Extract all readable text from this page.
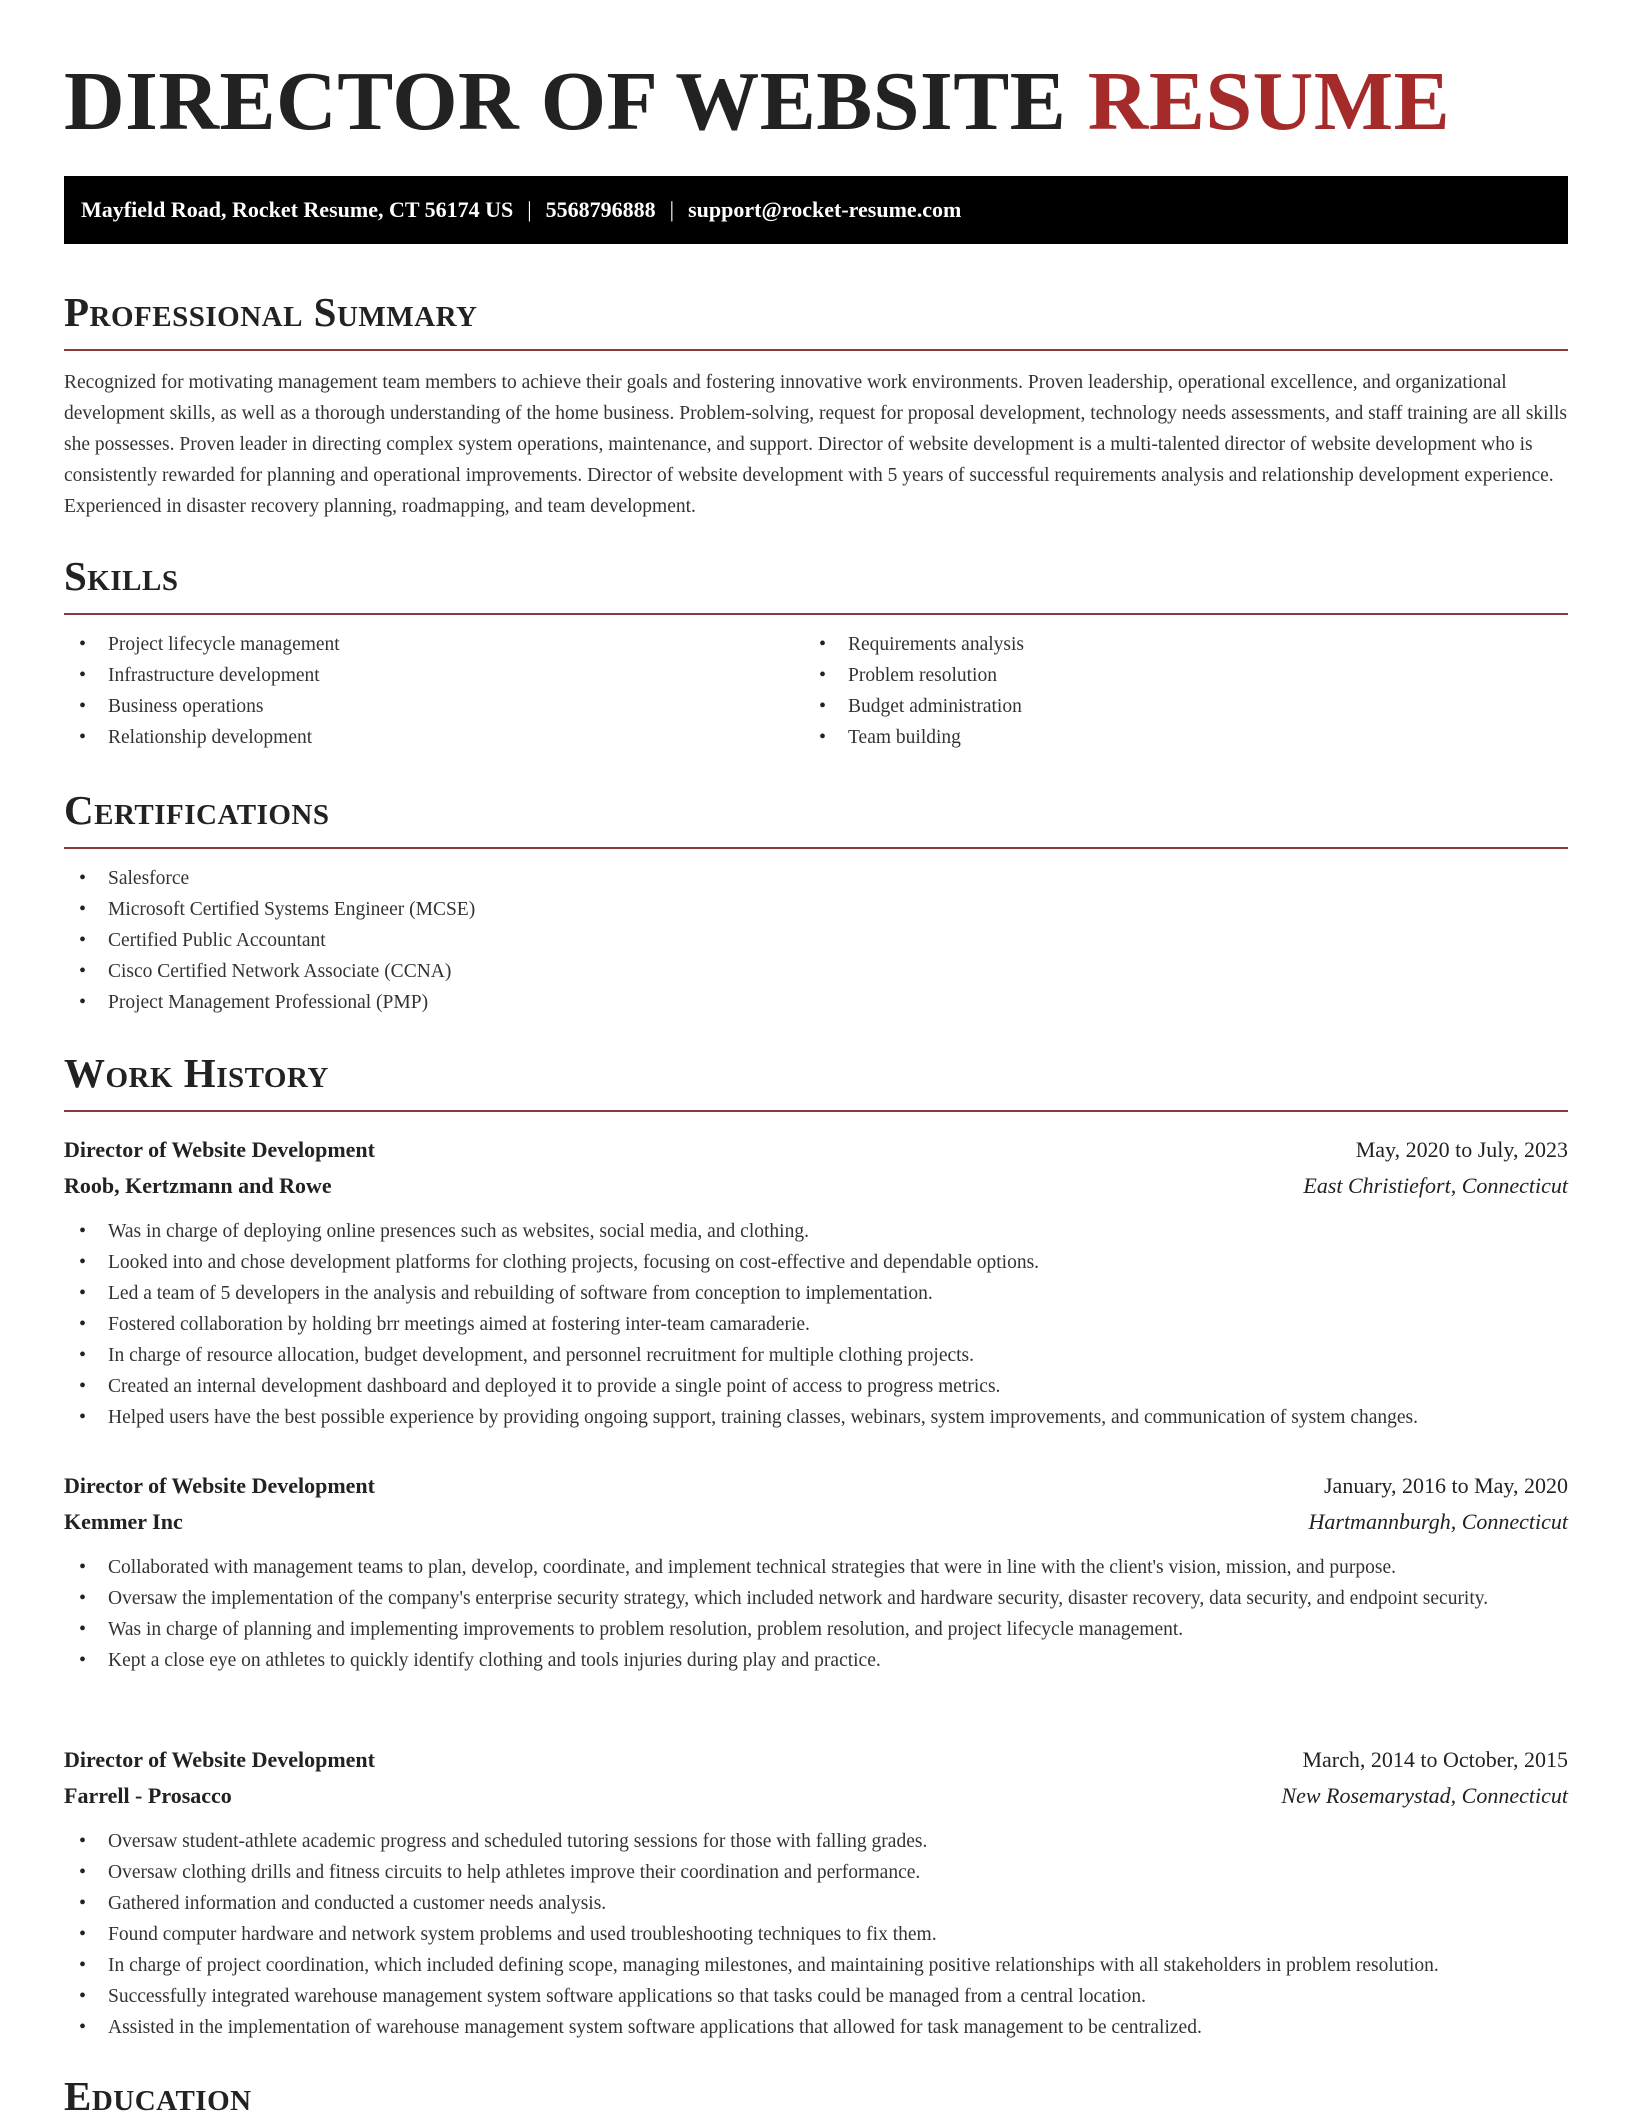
DIRECTOR OF WEBSITE RESUME
Mayfield Road, Rocket Resume, CT 56174 US | 5568796888 | support@rocket-resume.com
Professional Summary

Recognized for motivating management team members to achieve their goals and fostering innovative work environments. Proven leadership, operational excellence, and organizational development skills, as well as a thorough understanding of the home business. Problem-solving, request for proposal development, technology needs assessments, and staff training are all skills she possesses. Proven leader in directing complex system operations, maintenance, and support. Director of website development is a multi-talented director of website development who is consistently rewarded for planning and operational improvements. Director of website development with 5 years of successful requirements analysis and relationship development experience. Experienced in disaster recovery planning, roadmapping, and team development.

Skills
• Project lifecycle management
• Infrastructure development
• Business operations
• Relationship development
• Requirements analysis
• Problem resolution
• Budget administration
• Team building
Certifications
• Salesforce
• Microsoft Certified Systems Engineer (MCSE)
• Certified Public Accountant
• Cisco Certified Network Associate (CCNA)
• Project Management Professional (PMP)
Work History
Director of Website Development	May, 2020 to July, 2023
Roob, Kertzmann and Rowe	East Christiefort, Connecticut
• Was in charge of deploying online presences such as websites, social media, and clothing.
• Looked into and chose development platforms for clothing projects, focusing on cost-effective and dependable options.
• Led a team of 5 developers in the analysis and rebuilding of software from conception to implementation.
• Fostered collaboration by holding brr meetings aimed at fostering inter-team camaraderie.
• In charge of resource allocation, budget development, and personnel recruitment for multiple clothing projects.
• Created an internal development dashboard and deployed it to provide a single point of access to progress metrics.
• Helped users have the best possible experience by providing ongoing support, training classes, webinars, system improvements, and communication of system changes.
Director of Website Development	January, 2016 to May, 2020
Kemmer Inc	Hartmannburgh, Connecticut
• Collaborated with management teams to plan, develop, coordinate, and implement technical strategies that were in line with the client's vision, mission, and purpose.
• Oversaw the implementation of the company's enterprise security strategy, which included network and hardware security, disaster recovery, data security, and endpoint security.
• Was in charge of planning and implementing improvements to problem resolution, problem resolution, and project lifecycle management.
• Kept a close eye on athletes to quickly identify clothing and tools injuries during play and practice.
Director of Website Development	March, 2014 to October, 2015
Farrell - Prosacco	New Rosemarystad, Connecticut
• Oversaw student-athlete academic progress and scheduled tutoring sessions for those with falling grades.
• Oversaw clothing drills and fitness circuits to help athletes improve their coordination and performance.
• Gathered information and conducted a customer needs analysis.
• Found computer hardware and network system problems and used troubleshooting techniques to fix them.
• In charge of project coordination, which included defining scope, managing milestones, and maintaining positive relationships with all stakeholders in problem resolution.
• Successfully integrated warehouse management system software applications so that tasks could be managed from a central location.
• Assisted in the implementation of warehouse management system software applications that allowed for task management to be centralized.
Education
